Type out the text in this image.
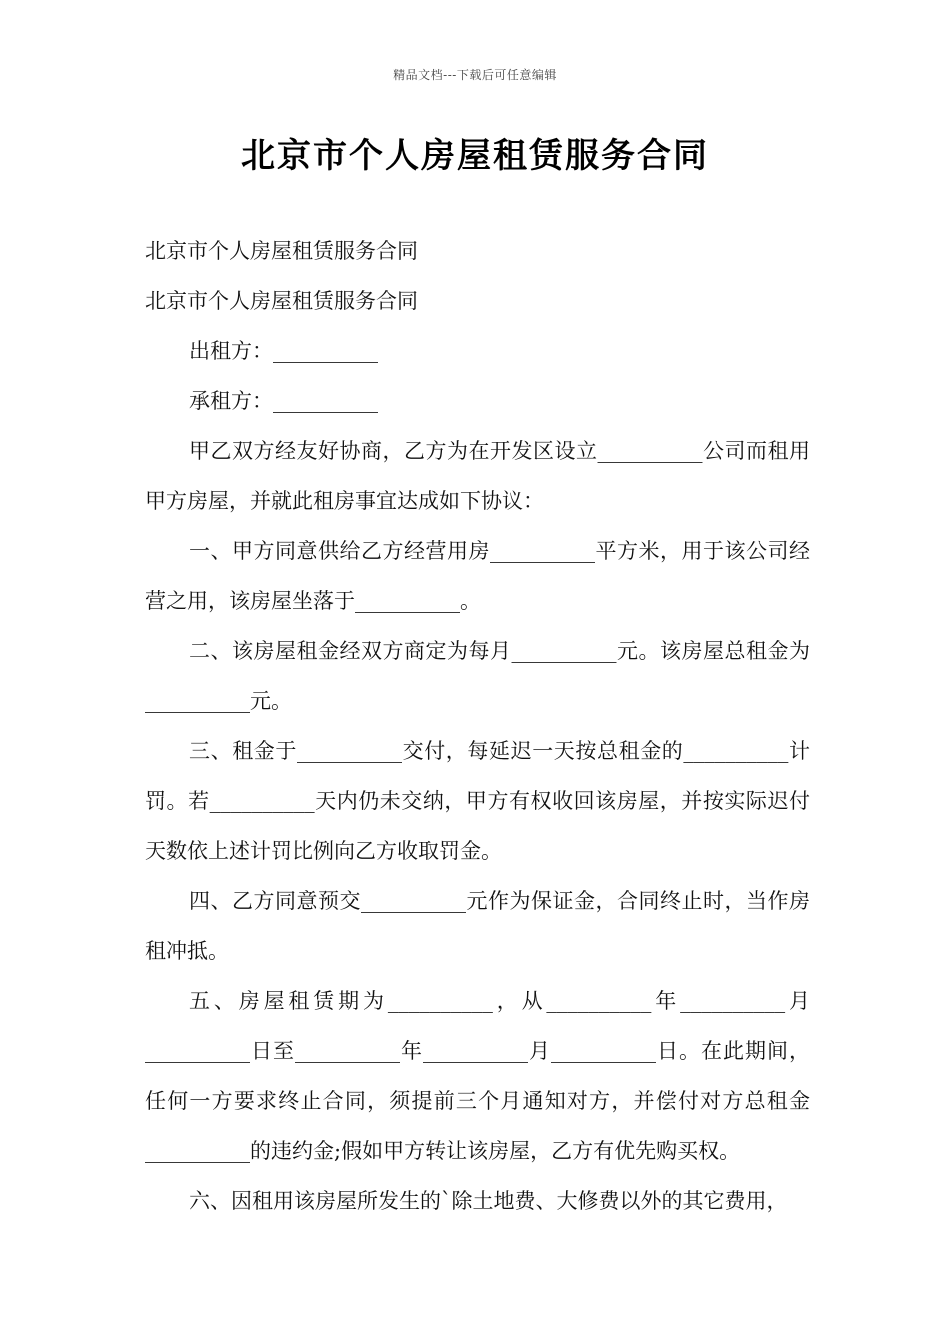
精品文档---下载后可任意编辑
北京市个人房屋租赁服务合同

北京市个人房屋租赁服务合同

北京市个人房屋租赁服务合同

出租方：__________

承租方：__________

甲乙双方经友好协商，乙方为在开发区设立__________公司而租用甲方房屋，并就此租房事宜达成如下协议：

一、甲方同意供给乙方经营用房__________平方米，用于该公司经营之用，该房屋坐落于__________。

二、该房屋租金经双方商定为每月__________元。该房屋总租金为__________元。

三、租金于__________交付，每延迟一天按总租金的__________计罚。若__________天内仍未交纳，甲方有权收回该房屋，并按实际迟付天数依上述计罚比例向乙方收取罚金。

四、乙方同意预交__________元作为保证金，合同终止时，当作房租冲抵。

五、房屋租赁期为__________，从__________年__________月__________日至__________年__________月__________日。在此期间，任何一方要求终止合同，须提前三个月通知对方，并偿付对方总租金__________的违约金;假如甲方转让该房屋，乙方有优先购买权。

六、因租用该房屋所发生的`除土地费、大修费以外的其它费用，
